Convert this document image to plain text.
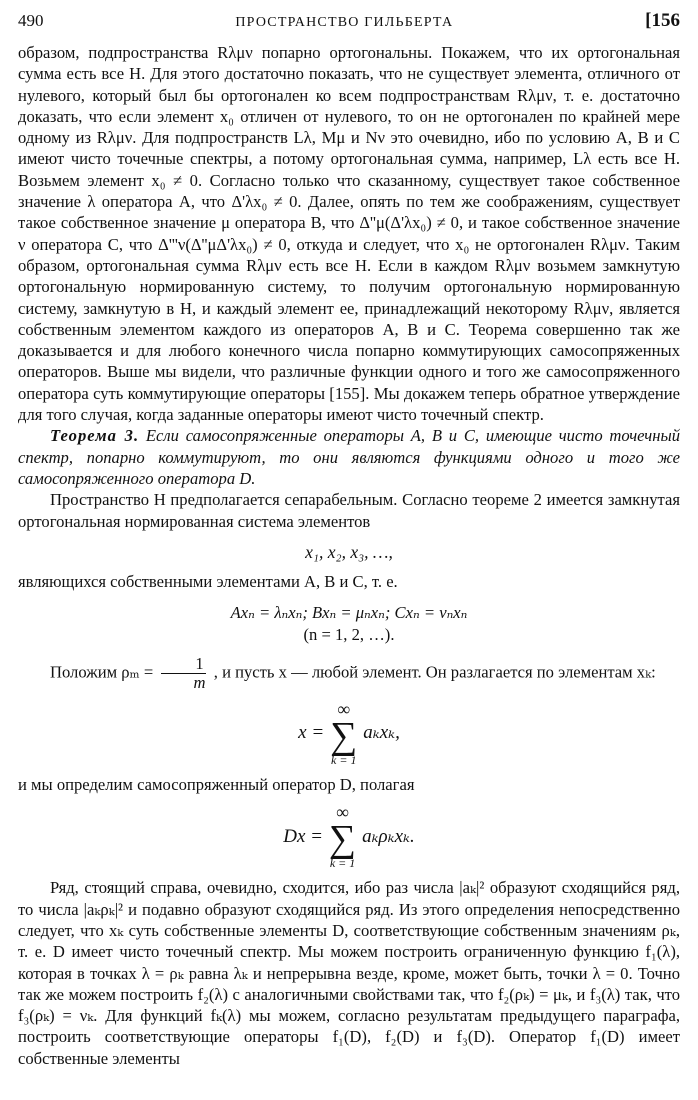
490	ПРОСТРАНСТВО ГИЛЬБЕРТА	[156

образом, подпространства Rλμν попарно ортогональны. Покажем, что их ортогональная сумма есть все H. Для этого достаточно показать, что не существует элемента, отличного от нулевого, который был бы ортогонален ко всем подпространствам Rλμν, т. е. достаточно доказать, что если элемент x₀ отличен от нулевого, то он не ортогонален по крайней мере одному из Rλμν. Для подпространств Lλ, Mμ и Nν это очевидно, ибо по условию A, B и C имеют чисто точечные спектры, а потому ортогональная сумма, например, Lλ есть все H. Возьмем элемент x₀ ≠ 0. Согласно только что сказанному, существует такое собственное значение λ оператора A, что Δ'λx₀ ≠ 0. Далее, опять по тем же соображениям, существует такое собственное значение μ оператора B, что Δ''μ(Δ'λx₀) ≠ 0, и такое собственное значение ν оператора C, что Δ'''ν(Δ''μΔ'λx₀) ≠ 0, откуда и следует, что x₀ не ортогонален Rλμν. Таким образом, ортогональная сумма Rλμν есть все H. Если в каждом Rλμν возьмем замкнутую ортогональную нормированную систему, то получим ортогональную нормированную систему, замкнутую в H, и каждый элемент ее, принадлежащий некоторому Rλμν, является собственным элементом каждого из операторов A, B и C. Теорема совершенно так же доказывается и для любого конечного числа попарно коммутирующих самосопряженных операторов. Выше мы видели, что различные функции одного и того же самосопряженного оператора суть коммутирующие операторы [155]. Мы докажем теперь обратное утверждение для того случая, когда заданные операторы имеют чисто точечный спектр.

Теорема 3. Если самосопряженные операторы A, B и C, имеющие чисто точечный спектр, попарно коммутируют, то они являются функциями одного и того же самосопряженного оператора D.

Пространство H предполагается сепарабельным. Согласно теореме 2 имеется замкнутая ортогональная нормированная система элементов

x₁, x₂, x₃, …,

являющихся собственными элементами A, B и C, т. е.

Axₙ = λₙxₙ; Bxₙ = μₙxₙ; Cxₙ = νₙxₙ

(n = 1, 2, …).

Положим $\rho_m = \frac{1}{m}$ , и пусть x — любой элемент. Он разлагается по элементам xₖ:

x =
∞
∑
k = 1
aₖxₖ,

и мы определим самосопряженный оператор D, полагая

Dx =
∞
∑
k = 1
aₖρₖxₖ.

Ряд, стоящий справа, очевидно, сходится, ибо раз числа |aₖ|² образуют сходящийся ряд, то числа |aₖρₖ|² и подавно образуют сходящийся ряд. Из этого определения непосредственно следует, что xₖ суть собственные элементы D, соответствующие собственным значениям ρₖ, т. е. D имеет чисто точечный спектр. Мы можем построить ограниченную функцию f₁(λ), которая в точках λ = ρₖ равна λₖ и непрерывна везде, кроме, может быть, точки λ = 0. Точно так же можем построить f₂(λ) с аналогичными свойствами так, что f₂(ρₖ) = μₖ, и f₃(λ) так, что f₃(ρₖ) = νₖ. Для функций fₖ(λ) мы можем, согласно результатам предыдущего параграфа, построить соответствующие операторы f₁(D), f₂(D) и f₃(D). Оператор f₁(D) имеет собственные элементы
